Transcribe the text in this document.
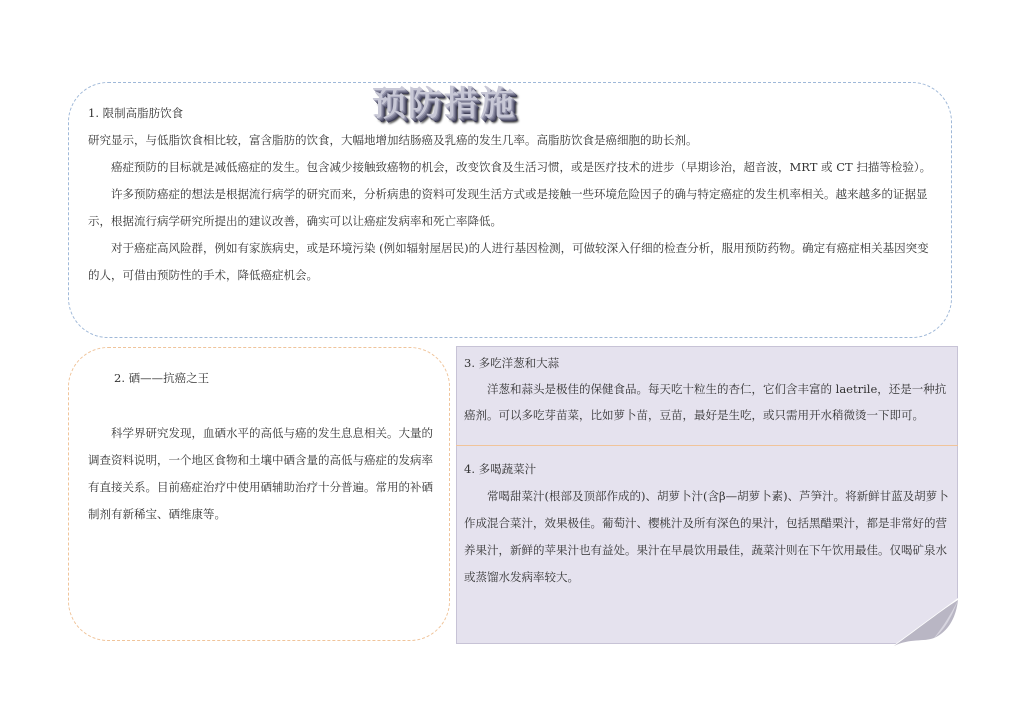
预防措施

1. 限制高脂肪饮食

研究显示，与低脂饮食相比较，富含脂肪的饮食，大幅地增加结肠癌及乳癌的发生几率。高脂肪饮食是癌细胞的助长剂。

癌症预防的目标就是减低癌症的发生。包含减少接触致癌物的机会，改变饮食及生活习惯，或是医疗技术的进步（早期诊治，超音波，MRT 或 CT 扫描等检验）。

许多预防癌症的想法是根据流行病学的研究而来，分析病患的资料可发现生活方式或是接触一些环境危险因子的确与特定癌症的发生机率相关。越来越多的证据显示，根据流行病学研究所提出的建议改善，确实可以让癌症发病率和死亡率降低。

对于癌症高风险群，例如有家族病史，或是环境污染 (例如辐射屋居民)的人进行基因检测，可做较深入仔细的检查分析，服用预防药物。确定有癌症相关基因突变的人，可借由预防性的手术，降低癌症机会。

2. 硒——抗癌之王

科学界研究发现，血硒水平的高低与癌的发生息息相关。大量的调查资料说明，一个地区食物和土壤中硒含量的高低与癌症的发病率有直接关系。目前癌症治疗中使用硒辅助治疗十分普遍。常用的补硒制剂有新稀宝、硒维康等。

3. 多吃洋葱和大蒜

洋葱和蒜头是极佳的保健食品。每天吃十粒生的杏仁，它们含丰富的 laetrile，还是一种抗癌剂。可以多吃芽苗菜，比如萝卜苗，豆苗，最好是生吃，或只需用开水稍微烫一下即可。

4. 多喝蔬菜汁

常喝甜菜汁(根部及顶部作成的)、胡萝卜汁(含β—胡萝卜素)、芦笋汁。将新鲜甘蓝及胡萝卜作成混合菜汁，效果极佳。葡萄汁、樱桃汁及所有深色的果汁，包括黑醋栗汁，都是非常好的营养果汁，新鲜的苹果汁也有益处。果汁在早晨饮用最佳，蔬菜汁则在下午饮用最佳。仅喝矿泉水或蒸馏水发病率较大。
